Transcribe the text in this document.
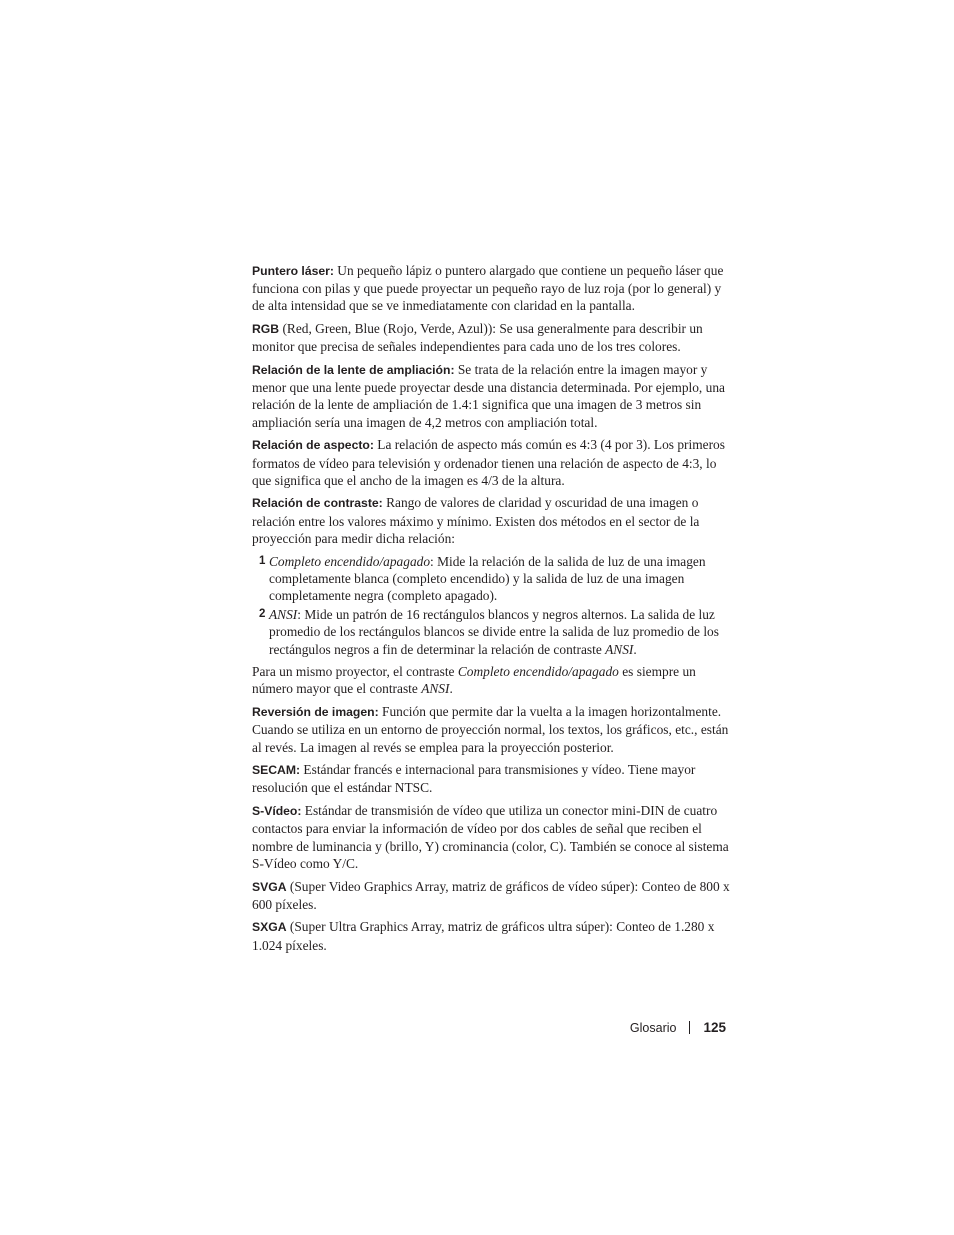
Puntero láser: Un pequeño lápiz o puntero alargado que contiene un pequeño láser que funciona con pilas y que puede proyectar un pequeño rayo de luz roja (por lo general) y de alta intensidad que se ve inmediatamente con claridad en la pantalla.

RGB (Red, Green, Blue (Rojo, Verde, Azul)): Se usa generalmente para describir un monitor que precisa de señales independientes para cada uno de los tres colores.

Relación de la lente de ampliación: Se trata de la relación entre la imagen mayor y menor que una lente puede proyectar desde una distancia determinada. Por ejemplo, una relación de la lente de ampliación de 1.4:1 significa que una imagen de 3 metros sin ampliación sería una imagen de 4,2 metros con ampliación total.

Relación de aspecto: La relación de aspecto más común es 4:3 (4 por 3). Los primeros formatos de vídeo para televisión y ordenador tienen una relación de aspecto de 4:3, lo que significa que el ancho de la imagen es 4/3 de la altura.

Relación de contraste: Rango de valores de claridad y oscuridad de una imagen o relación entre los valores máximo y mínimo. Existen dos métodos en el sector de la proyección para medir dicha relación:

1 Completo encendido/apagado: Mide la relación de la salida de luz de una imagen completamente blanca (completo encendido) y la salida de luz de una imagen completamente negra (completo apagado).
2 ANSI: Mide un patrón de 16 rectángulos blancos y negros alternos. La salida de luz promedio de los rectángulos blancos se divide entre la salida de luz promedio de los rectángulos negros a fin de determinar la relación de contraste ANSI.

Para un mismo proyector, el contraste Completo encendido/apagado es siempre un número mayor que el contraste ANSI.

Reversión de imagen: Función que permite dar la vuelta a la imagen horizontalmente. Cuando se utiliza en un entorno de proyección normal, los textos, los gráficos, etc., están al revés. La imagen al revés se emplea para la proyección posterior.

SECAM: Estándar francés e internacional para transmisiones y vídeo. Tiene mayor resolución que el estándar NTSC.

S-Vídeo: Estándar de transmisión de vídeo que utiliza un conector mini-DIN de cuatro contactos para enviar la información de vídeo por dos cables de señal que reciben el nombre de luminancia y (brillo, Y) crominancia (color, C). También se conoce al sistema S-Vídeo como Y/C.

SVGA (Super Video Graphics Array, matriz de gráficos de vídeo súper): Conteo de 800 x 600 píxeles.

SXGA (Super Ultra Graphics Array, matriz de gráficos ultra súper): Conteo de 1.280 x 1.024 píxeles.

Glosario 125
